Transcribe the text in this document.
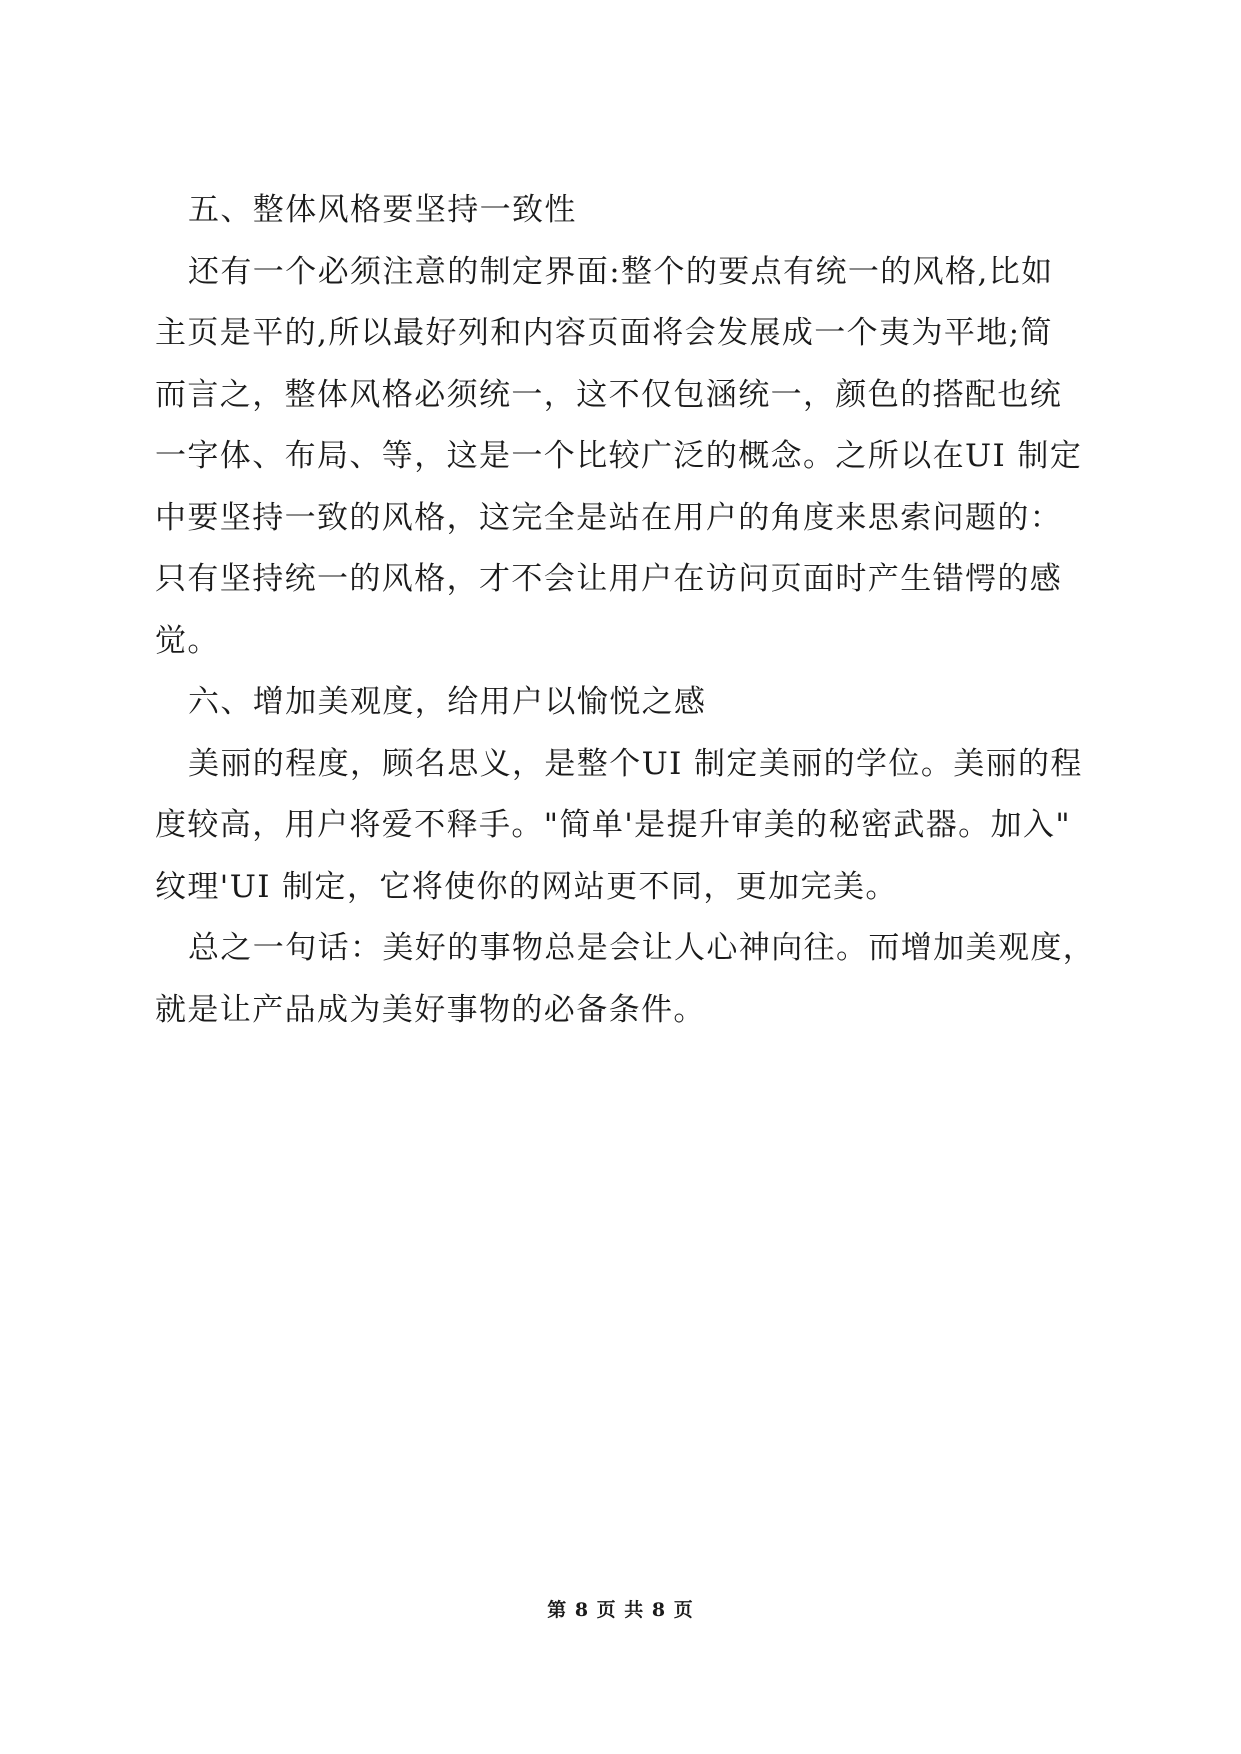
五、整体风格要坚持一致性
还有一个必须注意的制定界面:整个的要点有统一的风格,比如
主页是平的,所以最好列和内容页面将会发展成一个夷为平地;简
而言之，整体风格必须统一，这不仅包涵统一，颜色的搭配也统
一字体、布局、等，这是一个比较广泛的概念。之所以在UI 制定
中要坚持一致的风格，这完全是站在用户的角度来思索问题的：
只有坚持统一的风格，才不会让用户在访问页面时产生错愕的感
觉。
六、增加美观度，给用户以愉悦之感
美丽的程度，顾名思义，是整个UI 制定美丽的学位。美丽的程
度较高，用户将爱不释手。"简单'是提升审美的秘密武器。加入"
纹理'UI 制定，它将使你的网站更不同，更加完美。
总之一句话：美好的事物总是会让人心神向往。而增加美观度，
就是让产品成为美好事物的必备条件。
第 8 页 共 8 页
